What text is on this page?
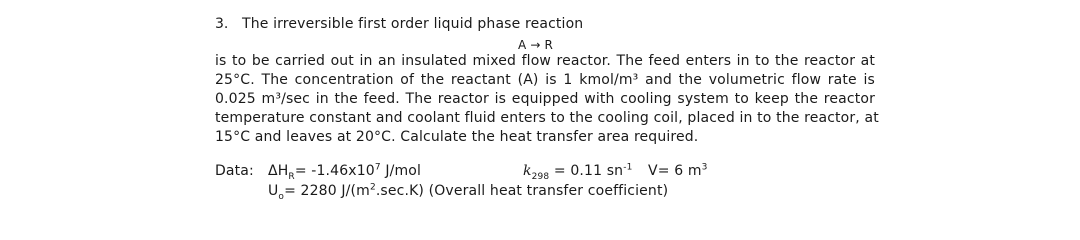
3. The irreversible first order liquid phase reaction
A → R
is to be carried out in an insulated mixed flow reactor. The feed enters in to the reactor at
25°C. The concentration of the reactant (A) is 1 kmol/m³ and the volumetric flow rate is
0.025 m³/sec in the feed. The reactor is equipped with cooling system to keep the reactor
temperature constant and coolant fluid enters to the cooling coil, placed in to the reactor, at
15°C and leaves at 20°C. Calculate the heat transfer area required.
Data: $\Delta H_R= -1.46x10^7$ J/mol	$k_{298} = 0.11$ $sn^{-1}$ V= 6 $m^3$
$U_o= 2280$ $J/(m^2.\sec.K)$ (Overall heat transfer coefficient)
